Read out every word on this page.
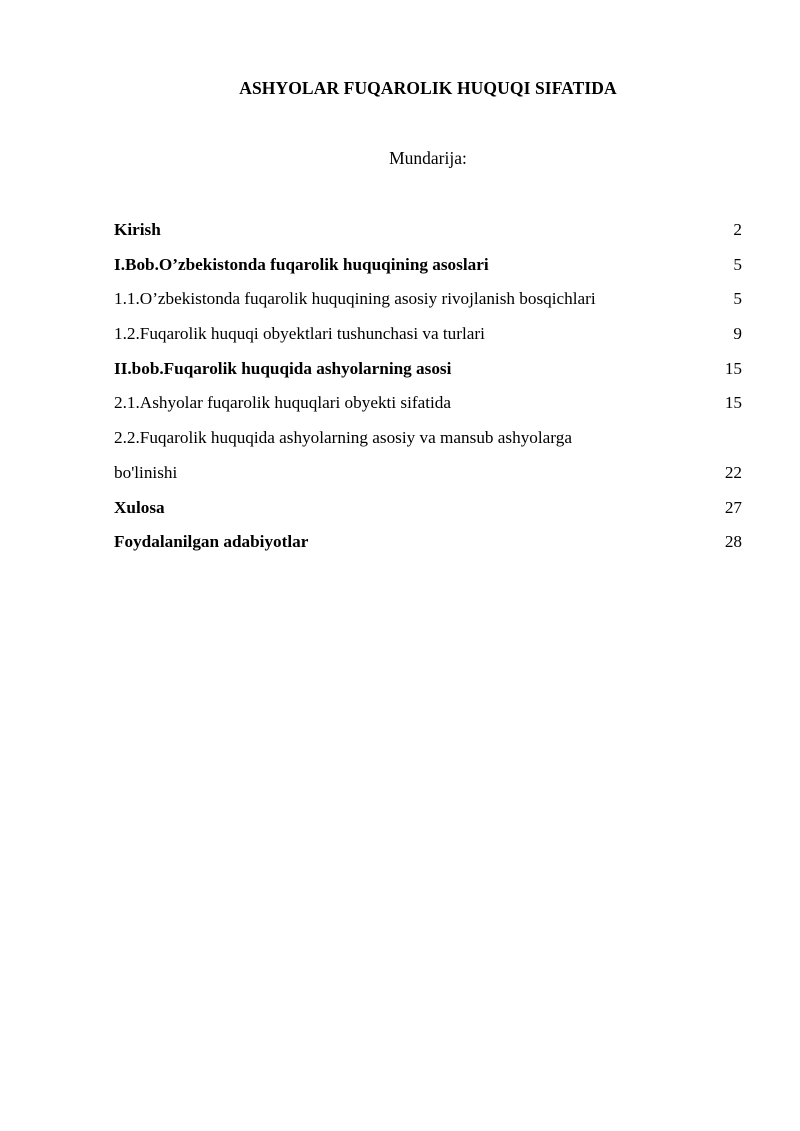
ASHYOLAR FUQAROLIK HUQUQI SIFATIDA
Mundarija:
Kirish	2
I.Bob.O’zbekistonda fuqarolik huquqining asoslari	5
1.1.O’zbekistonda fuqarolik huquqining asosiy rivojlanish bosqichlari	5
1.2.Fuqarolik huquqi obyektlari tushunchasi va turlari	9
II.bob.Fuqarolik huquqida ashyolarning asosi	15
2.1.Ashyolar fuqarolik huquqlari obyekti sifatida	15
2.2.Fuqarolik huquqida ashyolarning asosiy va mansub ashyolarga
bo'linishi	22
Xulosa	27
Foydalanilgan adabiyotlar	28
